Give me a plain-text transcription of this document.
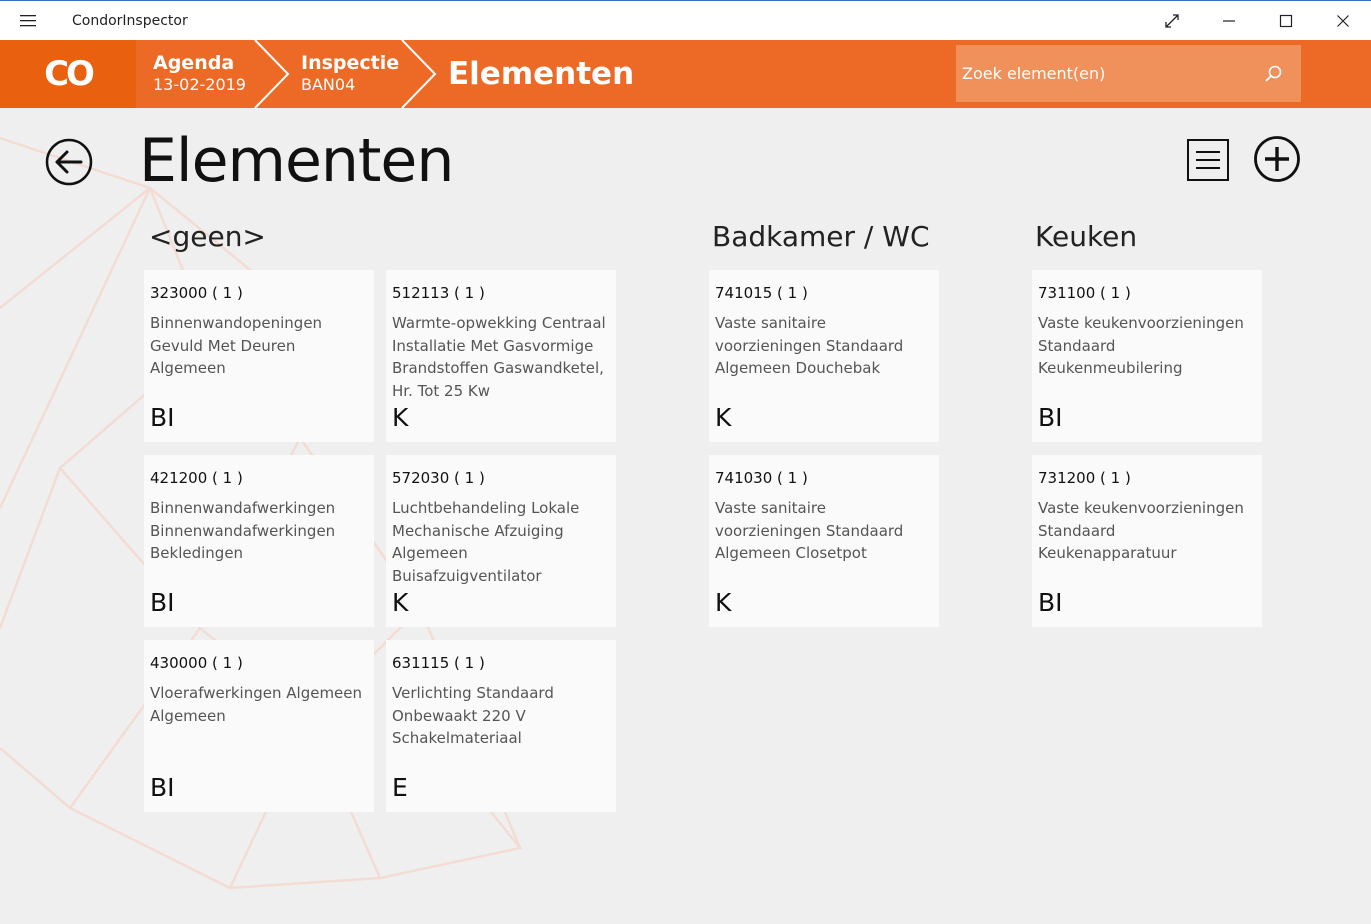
CondorInspector
CO	Agenda
13-02-2019
Inspectie
BAN04	Elementen
Zoek element(en)
Elementen
<geen>
323000 ( 1 )
Binnenwandopeningen Gevuld Met Deuren Algemeen
BI
512113 ( 1 )
Warmte-opwekking Centraal Installatie Met Gasvormige Brandstoffen Gaswandketel, Hr. Tot 25 Kw
K
421200 ( 1 )
Binnenwandafwerkingen Binnenwandafwerkingen Bekledingen
BI
572030 ( 1 )
Luchtbehandeling Lokale Mechanische Afzuiging Algemeen Buisafzuigventilator
K
430000 ( 1 )
Vloerafwerkingen Algemeen Algemeen
BI
631115 ( 1 )
Verlichting Standaard Onbewaakt 220 V Schakelmateriaal
E
Badkamer / WC
741015 ( 1 )
Vaste sanitaire voorzieningen Standaard Algemeen Douchebak
K
741030 ( 1 )
Vaste sanitaire voorzieningen Standaard Algemeen Closetpot
K
Keuken
731100 ( 1 )
Vaste keukenvoorzieningen Standaard Keukenmeubilering
BI
731200 ( 1 )
Vaste keukenvoorzieningen Standaard Keukenapparatuur
BI
